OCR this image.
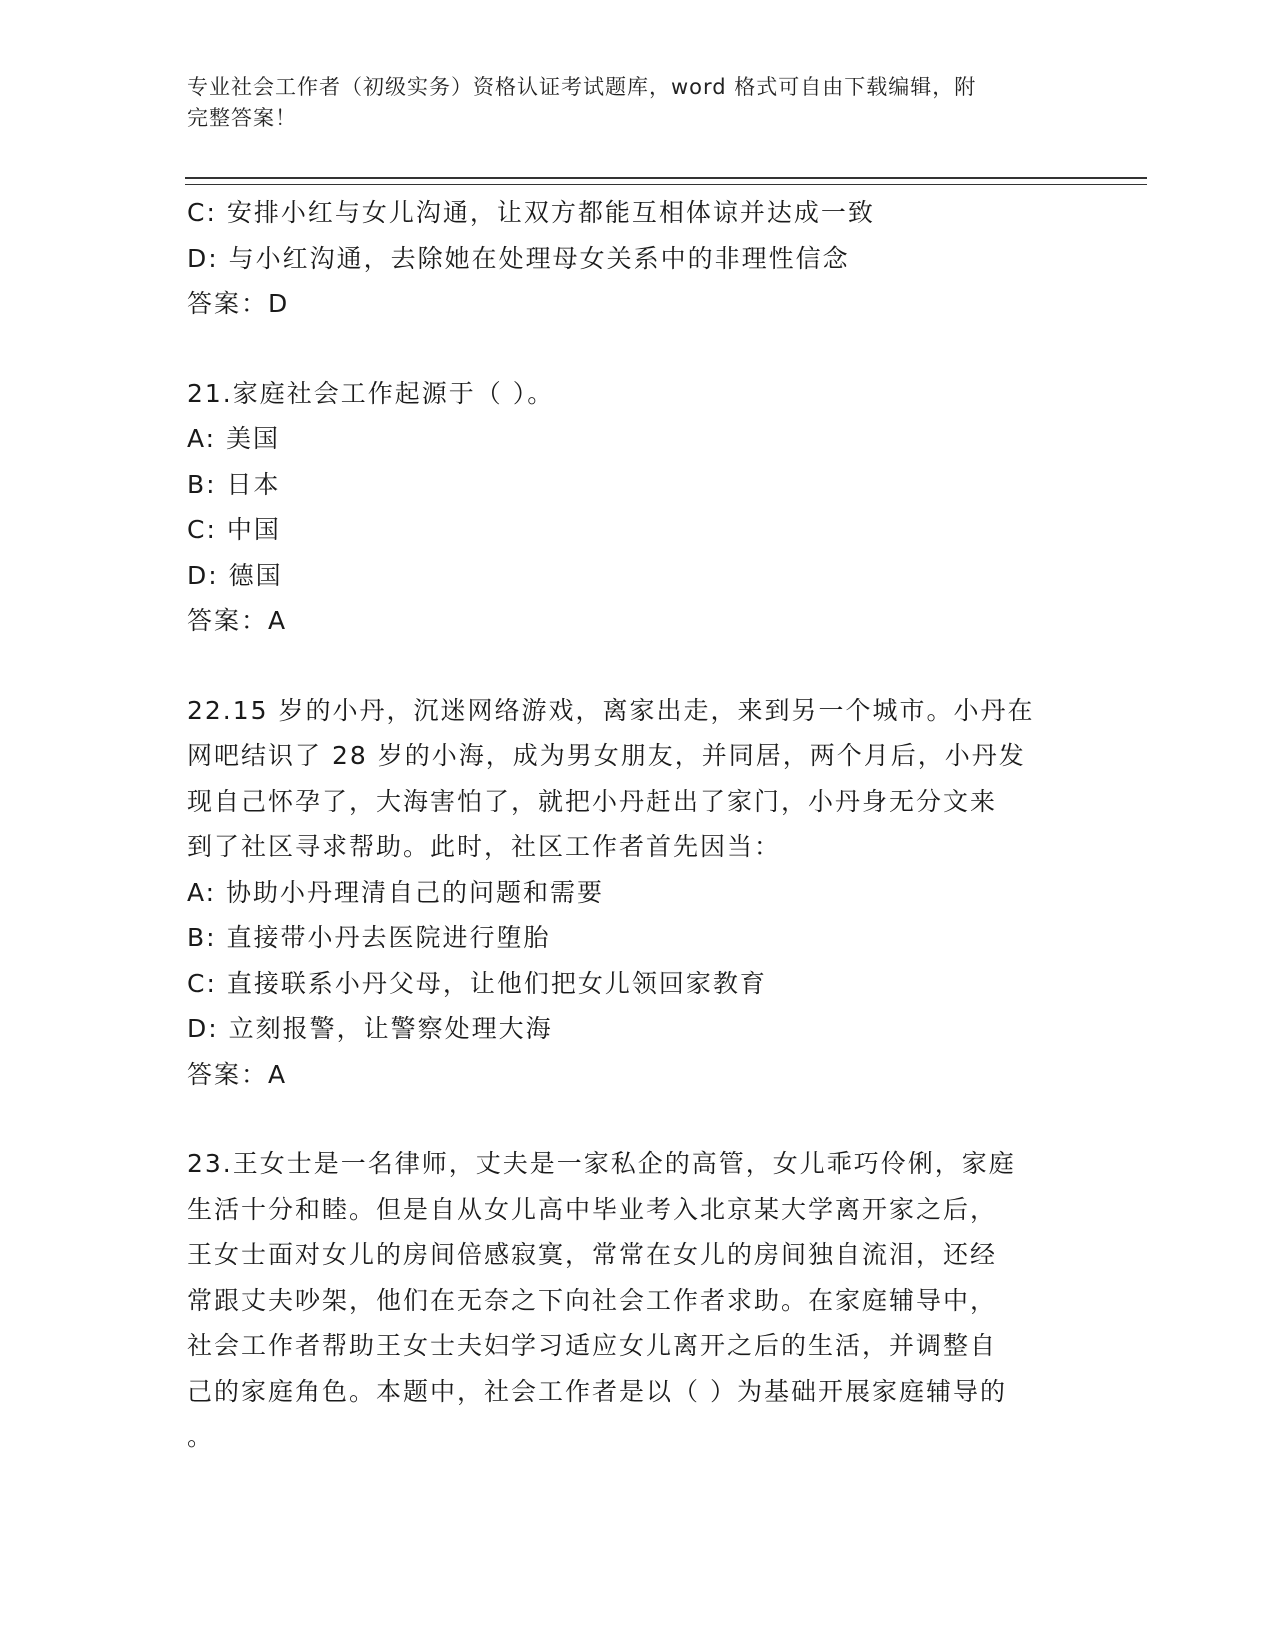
专业社会工作者（初级实务）资格认证考试题库，word 格式可自由下载编辑，附
完整答案！
C: 安排小红与女儿沟通，让双方都能互相体谅并达成一致
D: 与小红沟通，去除她在处理母女关系中的非理性信念
答案：D
21.家庭社会工作起源于（ ）。
A: 美国
B: 日本
C: 中国
D: 德国
答案：A
22.15 岁的小丹，沉迷网络游戏，离家出走，来到另一个城市。小丹在
网吧结识了 28 岁的小海，成为男女朋友，并同居，两个月后，小丹发
现自己怀孕了，大海害怕了，就把小丹赶出了家门，小丹身无分文来
到了社区寻求帮助。此时，社区工作者首先因当：
A: 协助小丹理清自己的问题和需要
B: 直接带小丹去医院进行堕胎
C: 直接联系小丹父母，让他们把女儿领回家教育
D: 立刻报警，让警察处理大海
答案：A
23.王女士是一名律师，丈夫是一家私企的高管，女儿乖巧伶俐，家庭
生活十分和睦。但是自从女儿高中毕业考入北京某大学离开家之后，
王女士面对女儿的房间倍感寂寞，常常在女儿的房间独自流泪，还经
常跟丈夫吵架，他们在无奈之下向社会工作者求助。在家庭辅导中，
社会工作者帮助王女士夫妇学习适应女儿离开之后的生活，并调整自
己的家庭角色。本题中，社会工作者是以（ ）为基础开展家庭辅导的
。
